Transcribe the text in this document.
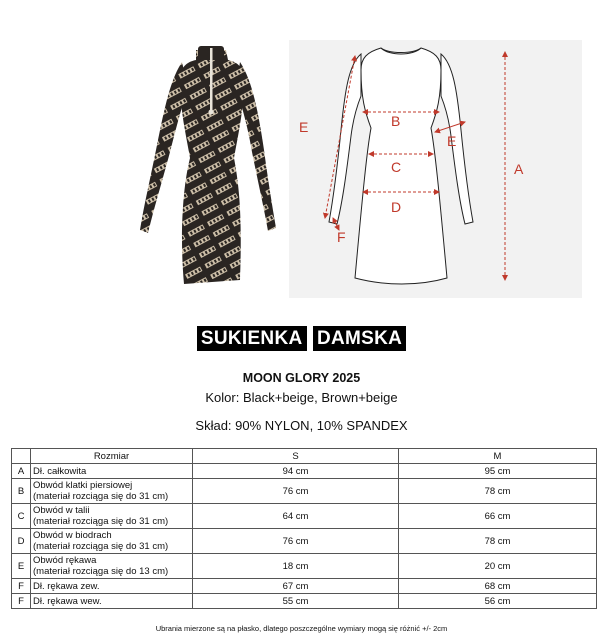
A
B
C
D
E
E
F
SUKIENKA DAMSKA
MOON GLORY 2025
Kolor: Black+beige, Brown+beige
Skład: 90% NYLON, 10% SPANDEX
	Rozmiar	S	M
A	Dł. całkowita	94 cm	95 cm
B	Obwód klatki piersiowej
(materiał rozciąga się do 31 cm)	76 cm	78 cm
C	Obwód w talii
(materiał rozciąga się do 31 cm)	64 cm	66 cm
D	Obwód w biodrach
(materiał rozciąga się do 31 cm)	76 cm	78 cm
E	Obwód rękawa
(materiał rozciąga się do 13 cm)	18 cm	20 cm
F	Dł. rękawa zew.	67 cm	68 cm
F	Dł. rękawa wew.	55 cm	56 cm
Ubrania mierzone są na płasko, dlatego poszczególne wymiary mogą się różnić +/- 2cm
